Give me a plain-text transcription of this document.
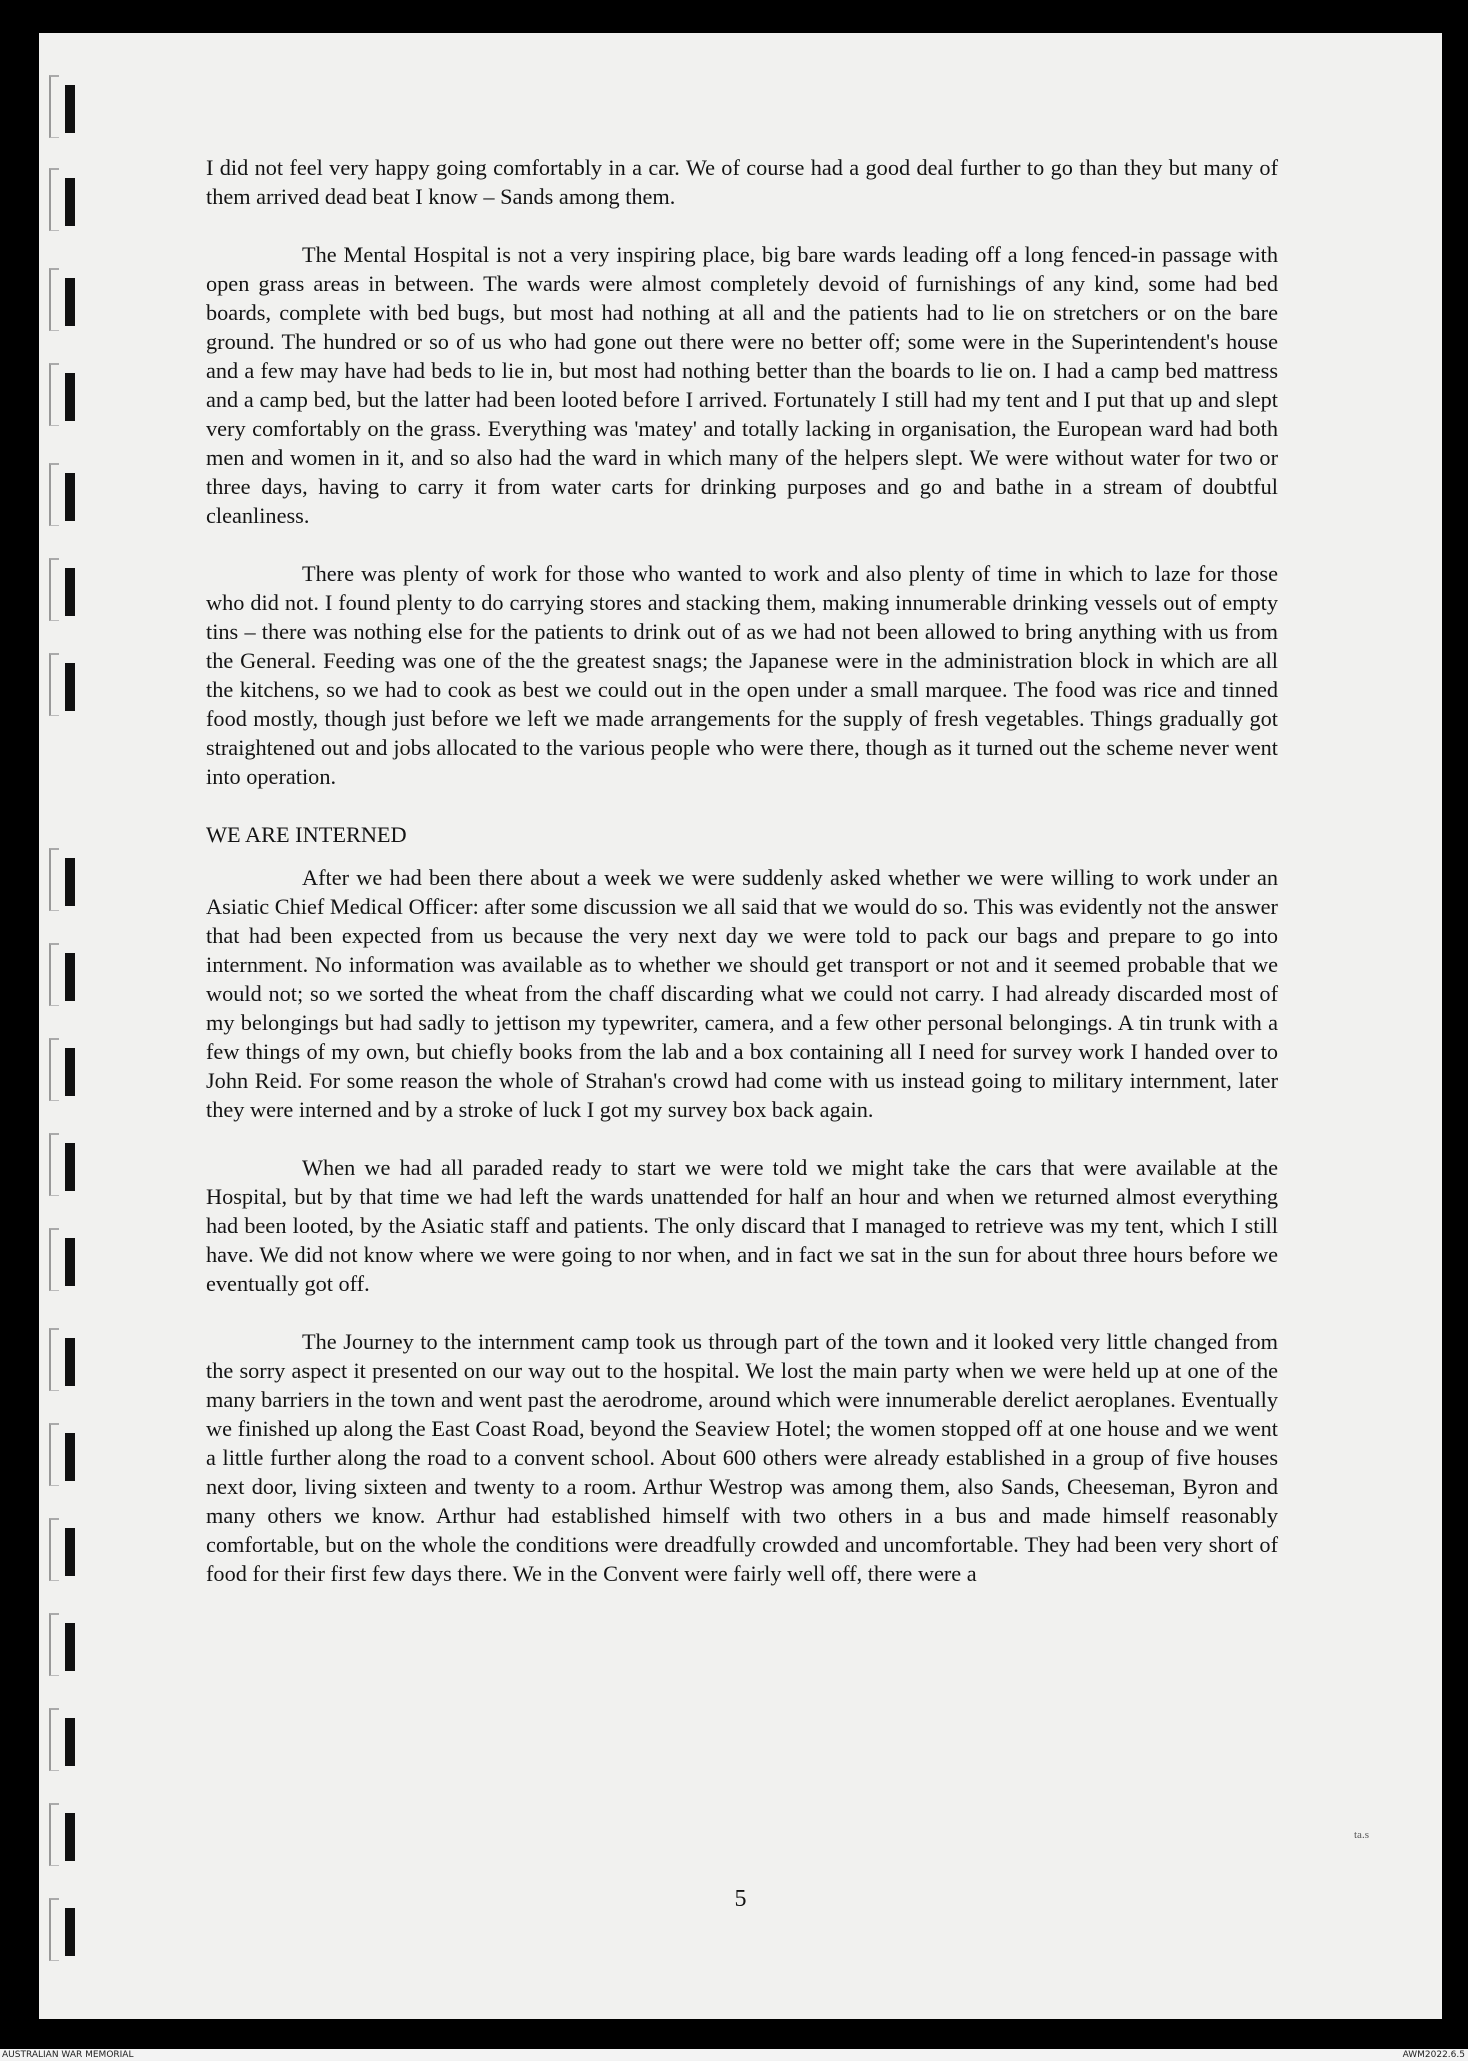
I did not feel very happy going comfortably in a car. We of course had a good deal further to go than they but many of them arrived dead beat I know – Sands among them.

The Mental Hospital is not a very inspiring place, big bare wards leading off a long fenced-in passage with open grass areas in between. The wards were almost completely devoid of furnishings of any kind, some had bed boards, complete with bed bugs, but most had nothing at all and the patients had to lie on stretchers or on the bare ground. The hundred or so of us who had gone out there were no better off; some were in the Superintendent's house and a few may have had beds to lie in, but most had nothing better than the boards to lie on. I had a camp bed mattress and a camp bed, but the latter had been looted before I arrived. Fortunately I still had my tent and I put that up and slept very comfortably on the grass. Everything was 'matey' and totally lacking in organisation, the European ward had both men and women in it, and so also had the ward in which many of the helpers slept. We were without water for two or three days, having to carry it from water carts for drinking purposes and go and bathe in a stream of doubtful cleanliness.

There was plenty of work for those who wanted to work and also plenty of time in which to laze for those who did not. I found plenty to do carrying stores and stacking them, making innumerable drinking vessels out of empty tins – there was nothing else for the patients to drink out of as we had not been allowed to bring anything with us from the General. Feeding was one of the the greatest snags; the Japanese were in the administration block in which are all the kitchens, so we had to cook as best we could out in the open under a small marquee. The food was rice and tinned food mostly, though just before we left we made arrangements for the supply of fresh vegetables. Things gradually got straightened out and jobs allocated to the various people who were there, though as it turned out the scheme never went into operation.

WE ARE INTERNED

After we had been there about a week we were suddenly asked whether we were willing to work under an Asiatic Chief Medical Officer: after some discussion we all said that we would do so. This was evidently not the answer that had been expected from us because the very next day we were told to pack our bags and prepare to go into internment. No information was available as to whether we should get transport or not and it seemed probable that we would not; so we sorted the wheat from the chaff discarding what we could not carry. I had already discarded most of my belongings but had sadly to jettison my typewriter, camera, and a few other personal belongings. A tin trunk with a few things of my own, but chiefly books from the lab and a box containing all I need for survey work I handed over to John Reid. For some reason the whole of Strahan's crowd had come with us instead going to military internment, later they were interned and by a stroke of luck I got my survey box back again.

When we had all paraded ready to start we were told we might take the cars that were available at the Hospital, but by that time we had left the wards unattended for half an hour and when we returned almost everything had been looted, by the Asiatic staff and patients. The only discard that I managed to retrieve was my tent, which I still have. We did not know where we were going to nor when, and in fact we sat in the sun for about three hours before we eventually got off.

The Journey to the internment camp took us through part of the town and it looked very little changed from the sorry aspect it presented on our way out to the hospital. We lost the main party when we were held up at one of the many barriers in the town and went past the aerodrome, around which were innumerable derelict aeroplanes. Eventually we finished up along the East Coast Road, beyond the Seaview Hotel; the women stopped off at one house and we went a little further along the road to a convent school. About 600 others were already established in a group of five houses next door, living sixteen and twenty to a room. Arthur Westrop was among them, also Sands, Cheeseman, Byron and many others we know. Arthur had established himself with two others in a bus and made himself reasonably comfortable, but on the whole the conditions were dreadfully crowded and uncomfortable. They had been very short of food for their first few days there. We in the Convent were fairly well off, there were a

ta.s
5
AUSTRALIAN WAR MEMORIAL	AWM2022.6.5
